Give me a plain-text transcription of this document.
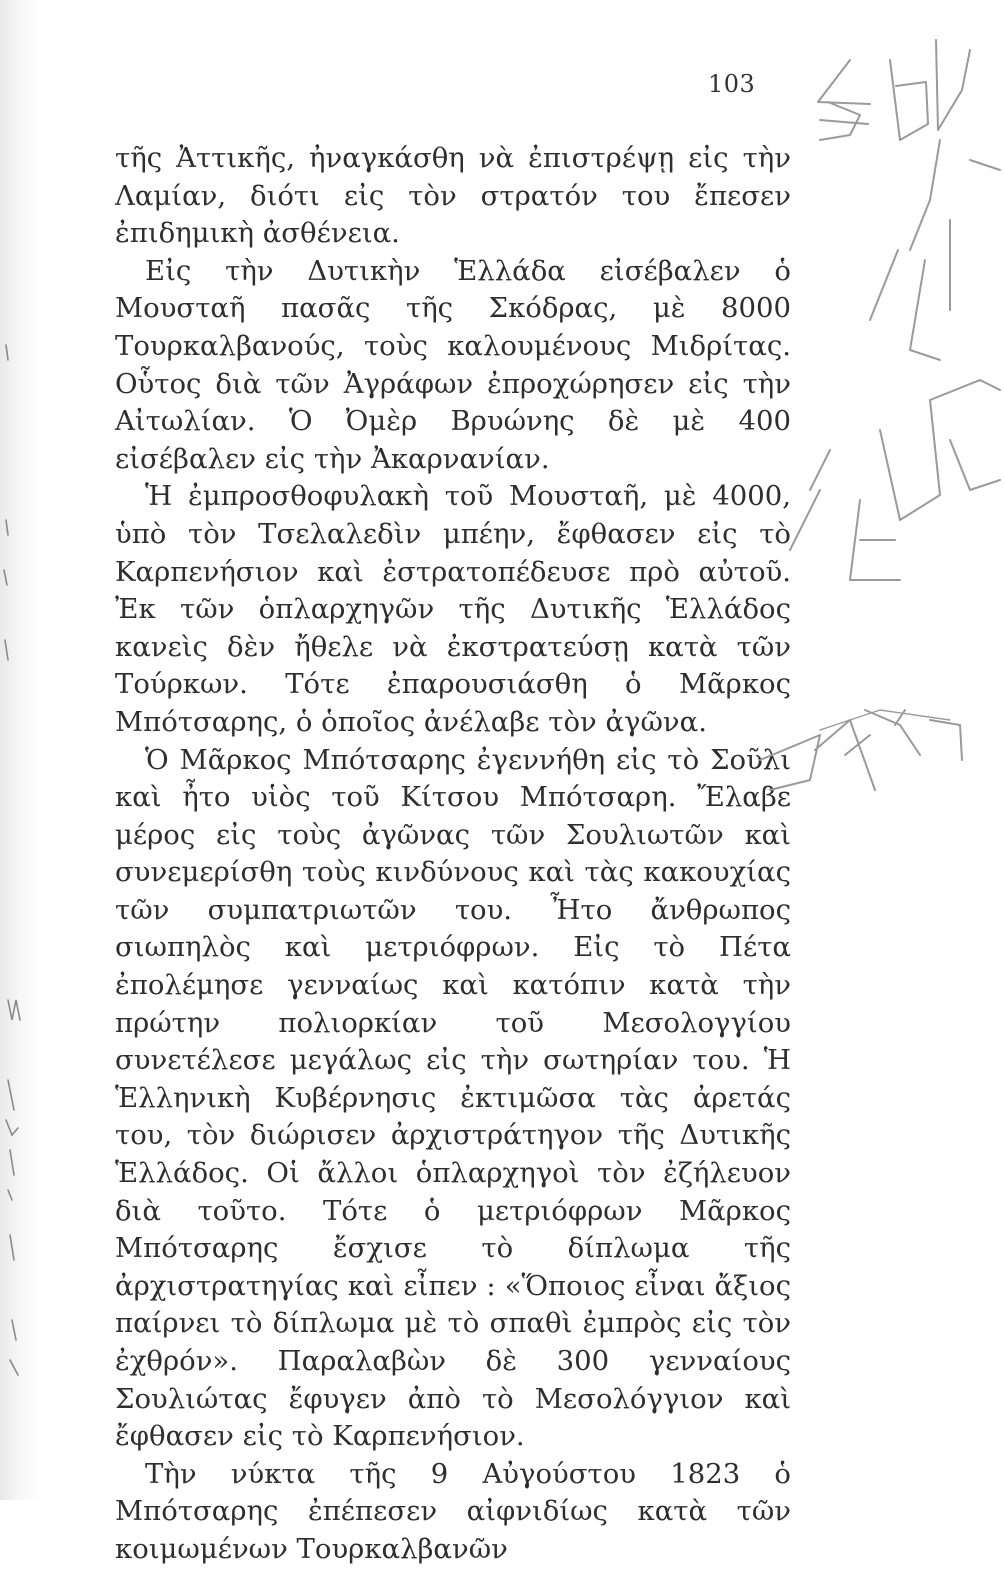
103

τῆς Ἀττικῆς, ἠναγκάσθη νὰ ἐπιστρέψῃ εἰς τὴν Λαμίαν, διότι εἰς τὸν στρατόν του ἔπεσεν ἐπιδημικὴ ἀσθένεια.

Εἰς τὴν Δυτικὴν Ἑλλάδα εἰσέβαλεν ὁ Μουσταῆ πασᾶς τῆς Σκόδρας, μὲ 8000 Τουρκαλβανούς, τοὺς καλουμένους Μιδρίτας. Οὗτος διὰ τῶν Ἀγράφων ἐπροχώρησεν εἰς τὴν Αἰτωλίαν. Ὁ Ὀμὲρ Βρυώνης δὲ μὲ 400 εἰσέβαλεν εἰς τὴν Ἀκαρνανίαν.

Ἡ ἐμπροσθοφυλακὴ τοῦ Μουσταῆ, μὲ 4000, ὑπὸ τὸν Τσελαλεδὶν μπέην, ἔφθασεν εἰς τὸ Καρπενήσιον καὶ ἐστρατοπέδευσε πρὸ αὐτοῦ. Ἐκ τῶν ὁπλαρχηγῶν τῆς Δυτικῆς Ἑλλάδος κανεὶς δὲν ἤθελε νὰ ἐκστρατεύσῃ κατὰ τῶν Τούρκων. Τότε ἐπαρουσιάσθη ὁ Μᾶρκος Μπότσαρης, ὁ ὁποῖος ἀνέλαβε τὸν ἀγῶνα.

Ὁ Μᾶρκος Μπότσαρης ἐγεννήθη εἰς τὸ Σοῦλι καὶ ἦτο υἱὸς τοῦ Κίτσου Μπότσαρη. Ἔλαβε μέρος εἰς τοὺς ἀγῶνας τῶν Σουλιωτῶν καὶ συνεμερίσθη τοὺς κινδύνους καὶ τὰς κακουχίας τῶν συμπατριωτῶν του. Ἦτο ἄνθρωπος σιωπηλὸς καὶ μετριόφρων. Εἰς τὸ Πέτα ἐπολέμησε γενναίως καὶ κατόπιν κατὰ τὴν πρώτην πολιορκίαν τοῦ Μεσολογγίου συνετέλεσε μεγάλως εἰς τὴν σωτηρίαν του. Ἡ Ἑλληνικὴ Κυβέρνησις ἐκτιμῶσα τὰς ἀρετάς του, τὸν διώρισεν ἀρχιστράτηγον τῆς Δυτικῆς Ἑλλάδος. Οἱ ἄλλοι ὁπλαρχηγοὶ τὸν ἐζήλευον διὰ τοῦτο. Τότε ὁ μετριόφρων Μᾶρκος Μπότσαρης ἔσχισε τὸ δίπλωμα τῆς ἀρχιστρατηγίας καὶ εἶπεν : «Ὅποιος εἶναι ἄξιος παίρνει τὸ δίπλωμα μὲ τὸ σπαθὶ ἐμπρὸς εἰς τὸν ἐχθρόν». Παραλαβὼν δὲ 300 γενναίους Σουλιώτας ἔφυγεν ἀπὸ τὸ Μεσολόγγιον καὶ ἔφθασεν εἰς τὸ Καρπενήσιον.

Τὴν νύκτα τῆς 9 Αὐγούστου 1823 ὁ Μπότσαρης ἐπέπεσεν αἰφνιδίως κατὰ τῶν κοιμωμένων Τουρκαλβανῶν
